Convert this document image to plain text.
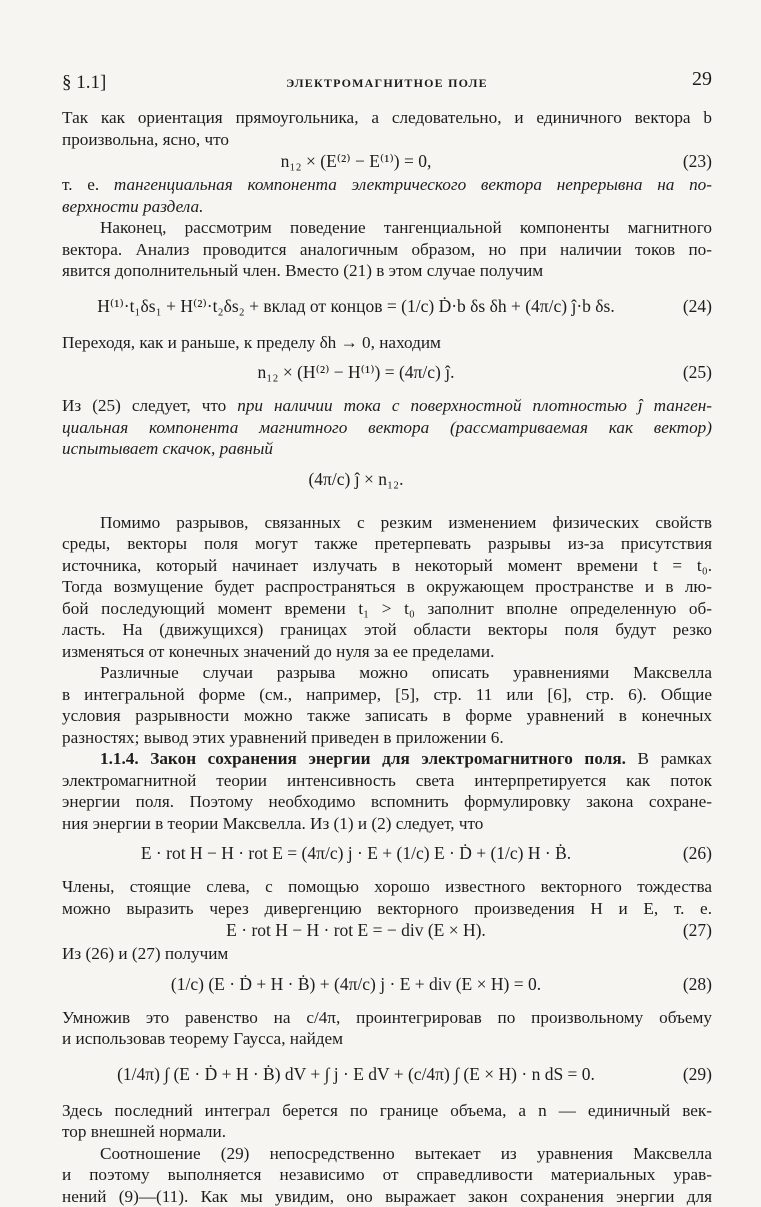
§ 1.1]	ЭЛЕКТРОМАГНИТНОЕ ПОЛЕ	29

Так как ориентация прямоугольника, а следовательно, и единичного вектора b

произвольна, ясно, что

n₁₂ × (E⁽²⁾ − E⁽¹⁾) = 0,	(23)

т. е. тангенциальная компонента электрического вектора непрерывна на по-

верхности раздела.

Наконец, рассмотрим поведение тангенциальной компоненты магнитного

вектора. Анализ проводится аналогичным образом, но при наличии токов по-

явится дополнительный член. Вместо (21) в этом случае получим

H⁽¹⁾·t₁δs₁ + H⁽²⁾·t₂δs₂ + вклад от концов = (1/c) Ḋ·b δs δh + (4π/c) ĵ·b δs.	(24)

Переходя, как и раньше, к пределу δh → 0, находим

n₁₂ × (H⁽²⁾ − H⁽¹⁾) = (4π/c) ĵ.	(25)

Из (25) следует, что при наличии тока с поверхностной плотностью ĵ танген-

циальная компонента магнитного вектора (рассматриваемая как вектор)

испытывает скачок, равный

(4π/c) ĵ × n₁₂.

Помимо разрывов, связанных с резким изменением физических свойств

среды, векторы поля могут также претерпевать разрывы из-за присутствия

источника, который начинает излучать в некоторый момент времени t = t₀.

Тогда возмущение будет распространяться в окружающем пространстве и в лю-

бой последующий момент времени t₁ > t₀ заполнит вполне определенную об-

ласть. На (движущихся) границах этой области векторы поля будут резко

изменяться от конечных значений до нуля за ее пределами.

Различные случаи разрыва можно описать уравнениями Максвелла

в интегральной форме (см., например, [5], стр. 11 или [6], стр. 6). Общие

условия разрывности можно также записать в форме уравнений в конечных

разностях; вывод этих уравнений приведен в приложении 6.

1.1.4. Закон сохранения энергии для электромагнитного поля. В рамках

электромагнитной теории интенсивность света интерпретируется как поток

энергии поля. Поэтому необходимо вспомнить формулировку закона сохране-

ния энергии в теории Максвелла. Из (1) и (2) следует, что

E · rot H − H · rot E = (4π/c) j · E + (1/c) E · Ḋ + (1/c) H · Ḃ.	(26)

Члены, стоящие слева, с помощью хорошо известного векторного тождества

можно выразить через дивергенцию векторного произведения H и E, т. е.

E · rot H − H · rot E = − div (E × H).	(27)

Из (26) и (27) получим

(1/c) (E · Ḋ + H · Ḃ) + (4π/c) j · E + div (E × H) = 0.	(28)

Умножив это равенство на c/4π, проинтегрировав по произвольному объему

и использовав теорему Гаусса, найдем

(1/4π) ∫ (E · Ḋ + H · Ḃ) dV + ∫ j · E dV + (c/4π) ∫ (E × H) · n dS = 0.	(29)

Здесь последний интеграл берется по границе объема, а n — единичный век-

тор внешней нормали.

Соотношение (29) непосредственно вытекает из уравнения Максвелла

и поэтому выполняется независимо от справедливости материальных урав-

нений (9)—(11). Как мы увидим, оно выражает закон сохранения энергии для
